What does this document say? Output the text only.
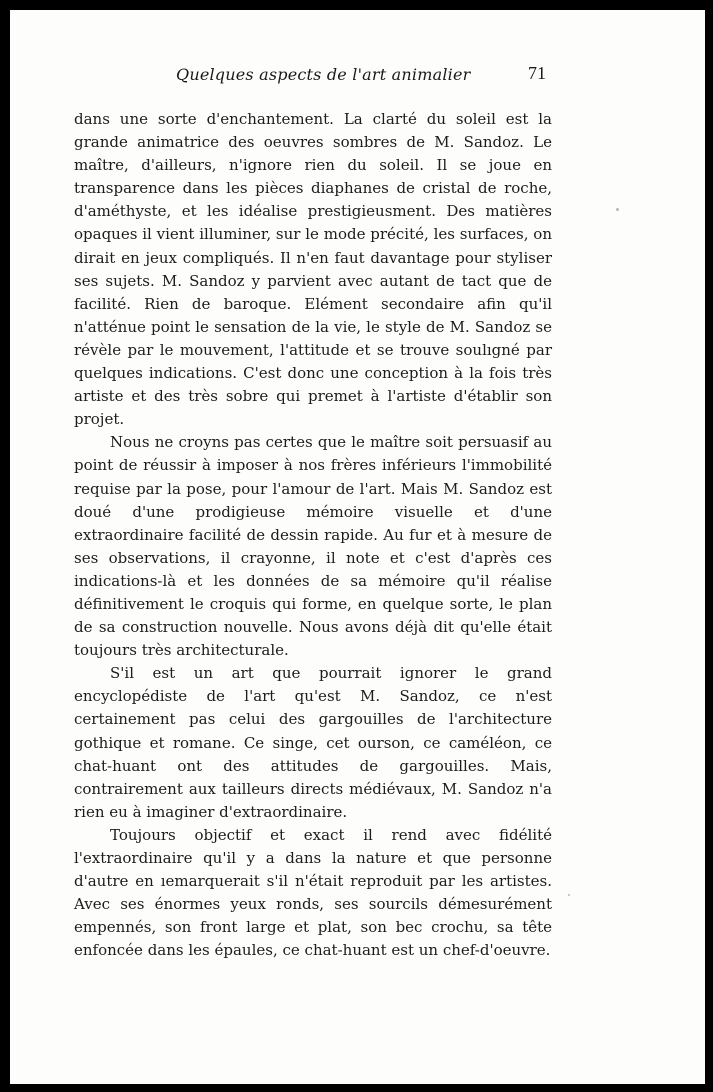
Quelques aspects de l'art animalier	71

dans une sorte d'enchantement. La clarté du soleil est la grande animatrice des oeuvres sombres de M. Sandoz. Le maître, d'ailleurs, n'ignore rien du soleil. Il se joue en transparence dans les pièces diaphanes de cristal de roche, d'améthyste, et les idéalise prestigieusment. Des matières opaques il vient illuminer, sur le mode précité, les surfaces, on dirait en jeux compliqués. Il n'en faut davantage pour styliser ses sujets. M. Sandoz y parvient avec autant de tact que de facilité. Rien de baroque. Elément secondaire afin qu'il n'atténue point le sensation de la vie, le style de M. Sandoz se révèle par le mouvement, l'attitude et se trouve soulıgné par quelques indications. C'est donc une conception à la fois très artiste et des très sobre qui premet à l'artiste d'établir son projet.

Nous ne croyns pas certes que le maître soit persuasif au point de réussir à imposer à nos frères inférieurs l'immobilité requise par la pose, pour l'amour de l'art. Mais M. Sandoz est doué d'une prodigieuse mémoire visuelle et d'une extraordinaire facilité de dessin rapide. Au fur et à mesure de ses observations, il crayonne, il note et c'est d'après ces indications-là et les données de sa mémoire qu'il réalise définitivement le croquis qui forme, en quelque sorte, le plan de sa construction nouvelle. Nous avons déjà dit qu'elle était toujours très architecturale.

S'il est un art que pourrait ignorer le grand encyclopédiste de l'art qu'est M. Sandoz, ce n'est certainement pas celui des gargouilles de l'architecture gothique et romane. Ce singe, cet ourson, ce caméléon, ce chat-huant ont des attitudes de gargouilles. Mais, contrairement aux tailleurs directs médiévaux, M. Sandoz n'a rien eu à imaginer d'extraordinaire.

Toujours objectif et exact il rend avec fidélité l'extraordinaire qu'il y a dans la nature et que personne d'autre en ıemarquerait s'il n'était reproduit par les artistes. Avec ses énormes yeux ronds, ses sourcils démesurément empennés, son front large et plat, son bec crochu, sa tête enfoncée dans les épaules, ce chat-huant est un chef-d'oeuvre.
